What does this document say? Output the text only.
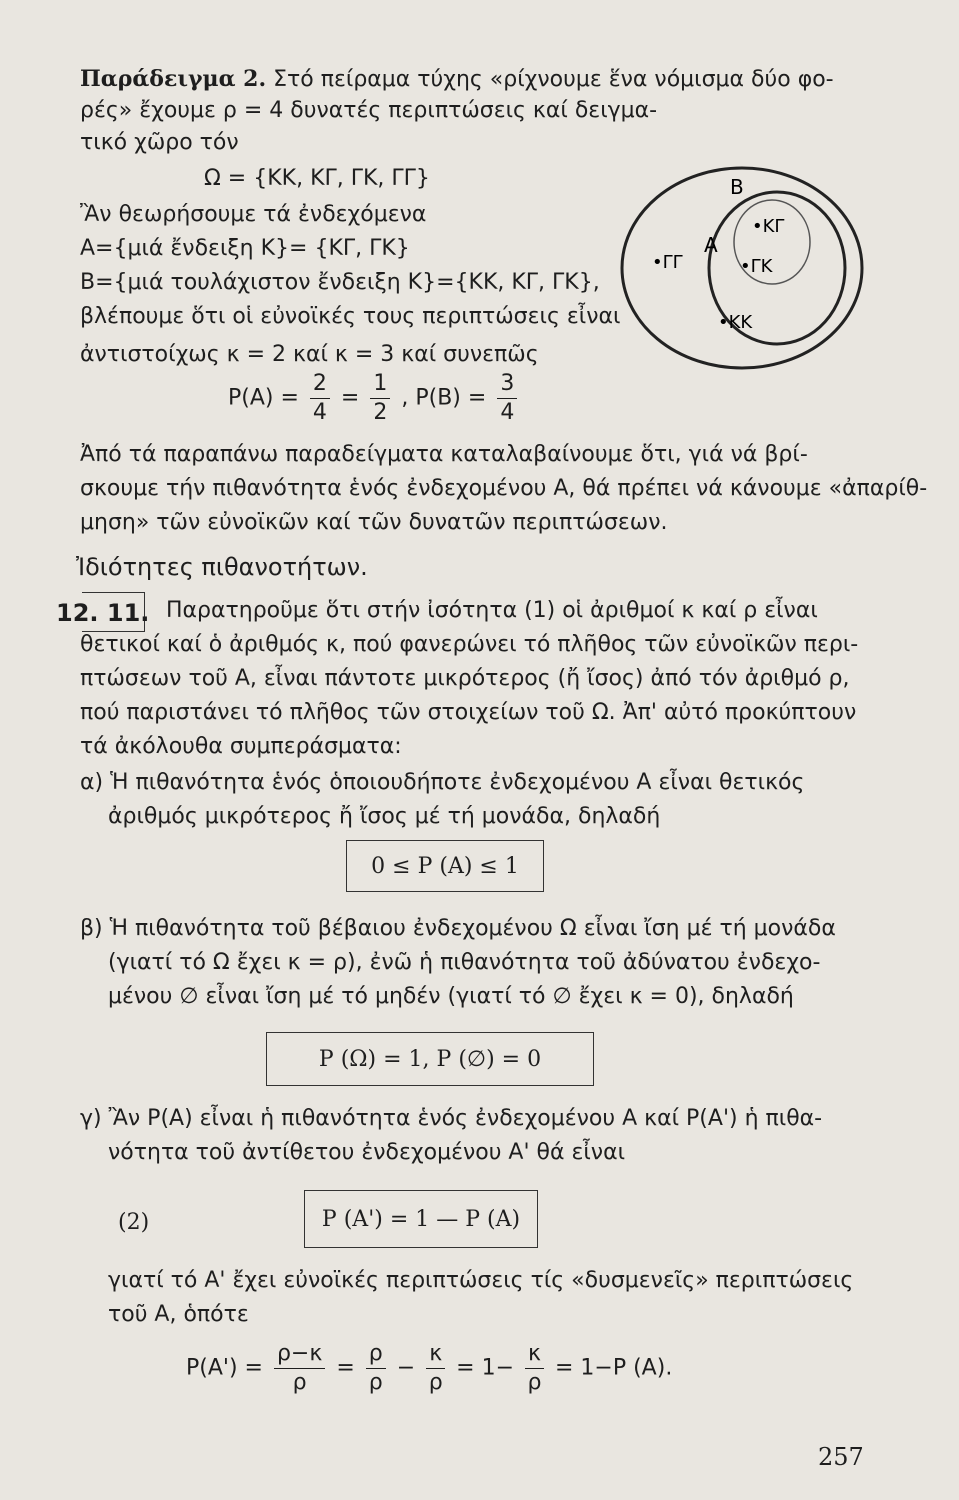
Παράδειγμα 2. Στό πείραμα τύχης «ρίχνουμε ἕνα νόμισμα δύο φο-
ρές» ἔχουμε ρ = 4 δυνατές περιπτώσεις καί δειγμα-
τικό χῶρο τόν
Ω = {ΚΚ, ΚΓ, ΓΚ, ΓΓ}
Ἂν θεωρήσουμε τά ἐνδεχόμενα
Α={μιά ἔνδειξη Κ}= {ΚΓ, ΓΚ}
Β={μιά τουλάχιστον ἔνδειξη Κ}={ΚΚ, ΚΓ, ΓΚ},
βλέπουμε ὅτι οἱ εὐνοϊκές τους περιπτώσεις εἶναι
ἀντιστοίχως κ = 2 καί κ = 3 καί συνεπῶς
$P(A) = \frac{2}{4} = \frac{1}{2}$ , $P(B) = \frac{3}{4}$
Β
Α
•ΚΓ
•ΓΚ
•ΓΓ
•ΚΚ
Ἀπό τά παραπάνω παραδείγματα καταλαβαίνουμε ὅτι, γιά νά βρί-
σκουμε τήν πιθανότητα ἑνός ἐνδεχομένου Α, θά πρέπει νά κάνουμε «ἀπαρίθ-
μηση» τῶν εὐνοϊκῶν καί τῶν δυνατῶν περιπτώσεων.
Ἰδιότητες πιθανοτήτων.
12. 11. Παρατηροῦμε ὅτι στήν ἰσότητα (1) οἱ ἀριθμοί κ καί ρ εἶναι
θετικοί καί ὁ ἀριθμός κ, πού φανερώνει τό πλῆθος τῶν εὐνοϊκῶν περι-
πτώσεων τοῦ Α, εἶναι πάντοτε μικρότερος (ἤ ἴσος) ἀπό τόν ἀριθμό ρ,
πού παριστάνει τό πλῆθος τῶν στοιχείων τοῦ Ω. Ἀπ' αὐτό προκύπτουν
τά ἀκόλουθα συμπεράσματα:
α) Ἡ πιθανότητα ἑνός ὁποιουδήποτε ἐνδεχομένου Α εἶναι θετικός
ἀριθμός μικρότερος ἤ ἴσος μέ τή μονάδα, δηλαδή
0 ≤ P (A) ≤ 1
β) Ἡ πιθανότητα τοῦ βέβαιου ἐνδεχομένου Ω εἶναι ἴση μέ τή μονάδα
(γιατί τό Ω ἔχει κ = ρ), ἐνῶ ἡ πιθανότητα τοῦ ἀδύνατου ἐνδεχο-
μένου ∅ εἶναι ἴση μέ τό μηδέν (γιατί τό ∅ ἔχει κ = 0), δηλαδή
P (Ω) = 1, P (∅) = 0
γ) Ἂν P(A) εἶναι ἡ πιθανότητα ἑνός ἐνδεχομένου Α καί P(A') ἡ πιθα-
νότητα τοῦ ἀντίθετου ἐνδεχομένου Α' θά εἶναι
(2)	P (A') = 1 — P (A)
γιατί τό Α' ἔχει εὐνοϊκές περιπτώσεις τίς «δυσμενεῖς» περιπτώσεις
τοῦ Α, ὁπότε
$P(A') = \frac{\rho-\kappa}{\rho} = \frac{\rho}{\rho} - \frac{\kappa}{\rho} = 1- \frac{\kappa}{\rho} = 1-P$ (A).
257
